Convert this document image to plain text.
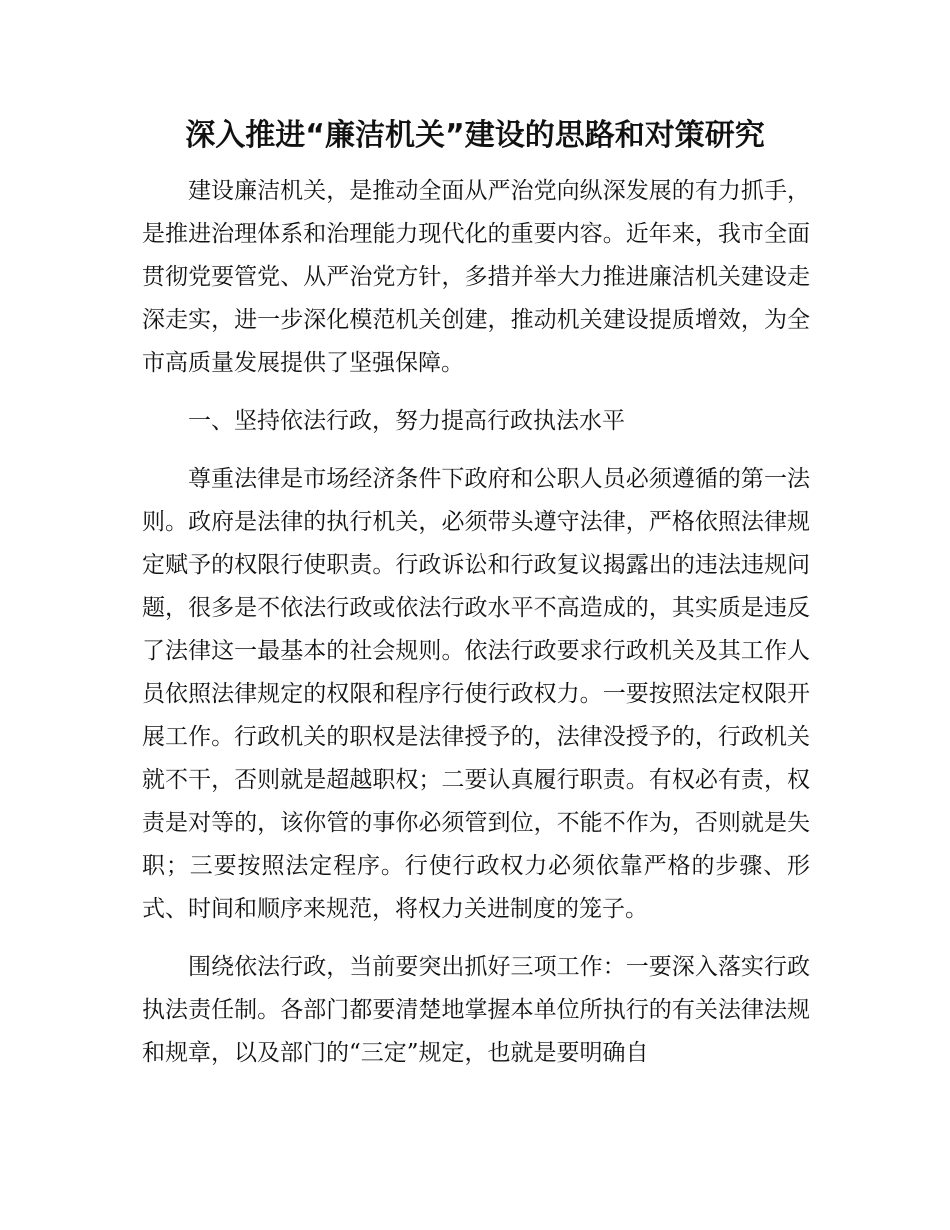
深入推进“廉洁机关”建设的思路和对策研究

建设廉洁机关，是推动全面从严治党向纵深发展的有力抓手，是推进治理体系和治理能力现代化的重要内容。近年来，我市全面贯彻党要管党、从严治党方针，多措并举大力推进廉洁机关建设走深走实，进一步深化模范机关创建，推动机关建设提质增效，为全市高质量发展提供了坚强保障。

一、坚持依法行政，努力提高行政执法水平

尊重法律是市场经济条件下政府和公职人员必须遵循的第一法则。政府是法律的执行机关，必须带头遵守法律，严格依照法律规定赋予的权限行使职责。行政诉讼和行政复议揭露出的违法违规问题，很多是不依法行政或依法行政水平不高造成的，其实质是违反了法律这一最基本的社会规则。依法行政要求行政机关及其工作人员依照法律规定的权限和程序行使行政权力。一要按照法定权限开展工作。行政机关的职权是法律授予的，法律没授予的，行政机关就不干，否则就是超越职权；二要认真履行职责。有权必有责，权责是对等的，该你管的事你必须管到位，不能不作为，否则就是失职；三要按照法定程序。行使行政权力必须依靠严格的步骤、形式、时间和顺序来规范，将权力关进制度的笼子。

围绕依法行政，当前要突出抓好三项工作：一要深入落实行政执法责任制。各部门都要清楚地掌握本单位所执行的有关法律法规和规章，以及部门的“三定”规定，也就是要明确自
